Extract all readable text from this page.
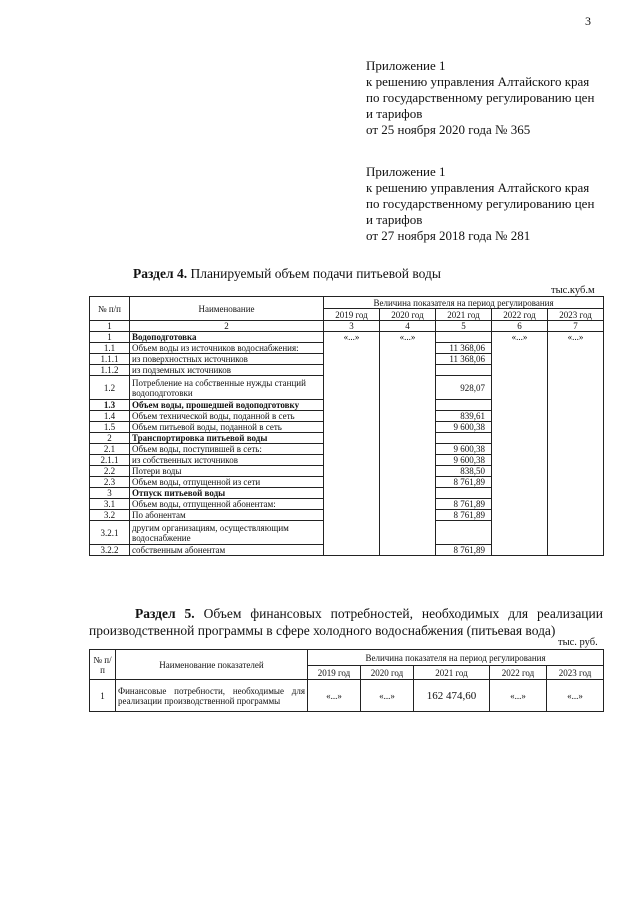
3
Приложение 1
к решению управления Алтайского края
по государственному регулированию цен
и тарифов
от 25 ноября 2020 года № 365
Приложение 1
к решению управления Алтайского края
по государственному регулированию цен
и тарифов
от 27 ноября 2018 года № 281
Раздел 4. Планируемый объем подачи питьевой воды
тыс.куб.м
№ п/п	Наименование	Величина показателя на период регулирования				
		2019 год	2020 год	2021 год	2022 год	2023 год
1	2	3	4	5	6	7
1	Водоподготовка	«...»	«...»		«...»	«...»
1.1	Объем воды из источников водоснабжения:			11 368,06		
1.1.1	из поверхностных источников			11 368,06		
1.1.2	из подземных источников					
1.2	Потребление на собственные нужды станций водоподготовки			928,07		
1.3	Объем воды, прошедшей водоподготовку					
1.4	Объем технической воды, поданной в сеть			839,61		
1.5	Объем питьевой воды, поданной в сеть			9 600,38		
2	Транспортировка питьевой воды					
2.1	Объем воды, поступившей в сеть:			9 600,38		
2.1.1	из собственных источников			9 600,38		
2.2	Потери воды			838,50		
2.3	Объем воды, отпущенной из сети			8 761,89		
3	Отпуск питьевой воды					
3.1	Объем воды, отпущенной абонентам:			8 761,89		
3.2	По абонентам			8 761,89		
3.2.1	другим организациям, осуществляющим водоснабжение					
3.2.2	собственным абонентам			8 761,89		
Раздел 5. Объем финансовых потребностей, необходимых для реализации производственной программы в сфере холодного водоснабжения (питьевая вода)
тыс. руб.
№ п/п	Наименование показателей	Величина показателя на период регулирования				
		2019 год	2020 год	2021 год	2022 год	2023 год
1	Финансовые потребности, необходимые для реализации производственной программы	«...»	«...»	162 474,60	«...»	«...»
